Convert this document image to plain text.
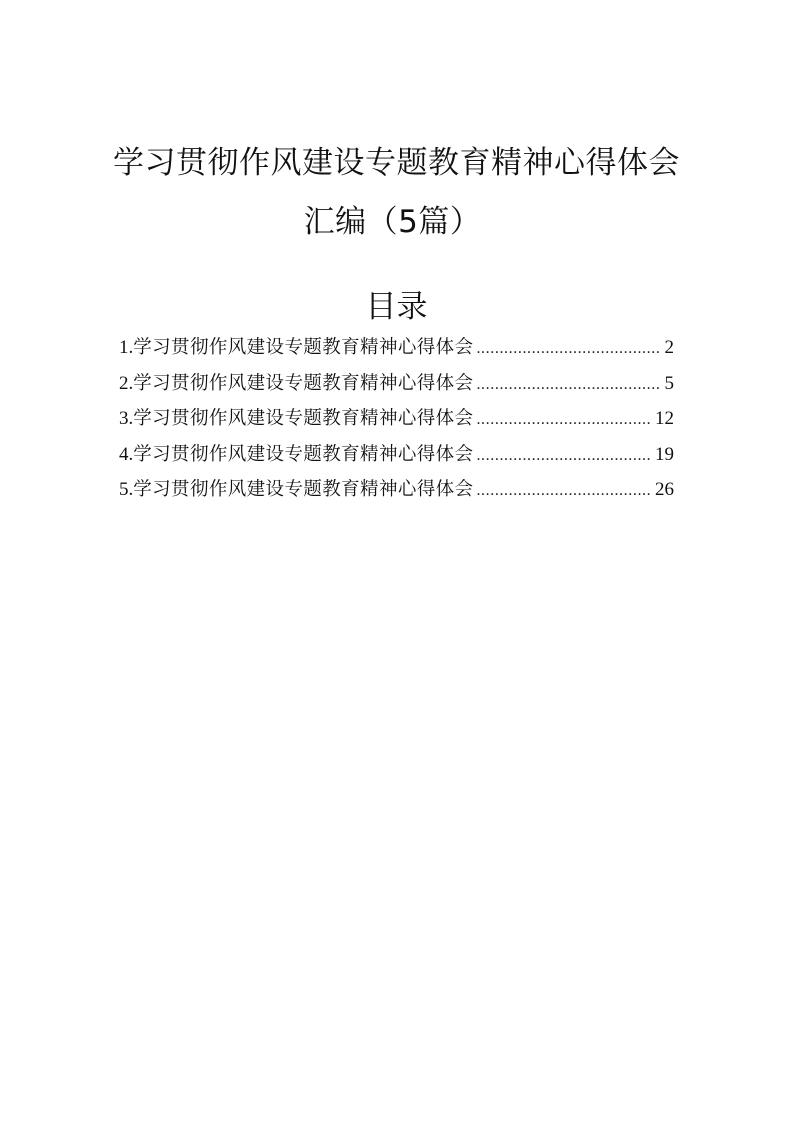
学习贯彻作风建设专题教育精神心得体会
汇编（5篇）
目录
1. 学习贯彻作风建设专题教育精神心得体会 .....	2
2. 学习贯彻作风建设专题教育精神心得体会 .....	5
3. 学习贯彻作风建设专题教育精神心得体会 .....	12
4. 学习贯彻作风建设专题教育精神心得体会 .....	19
5. 学习贯彻作风建设专题教育精神心得体会 .....	26
